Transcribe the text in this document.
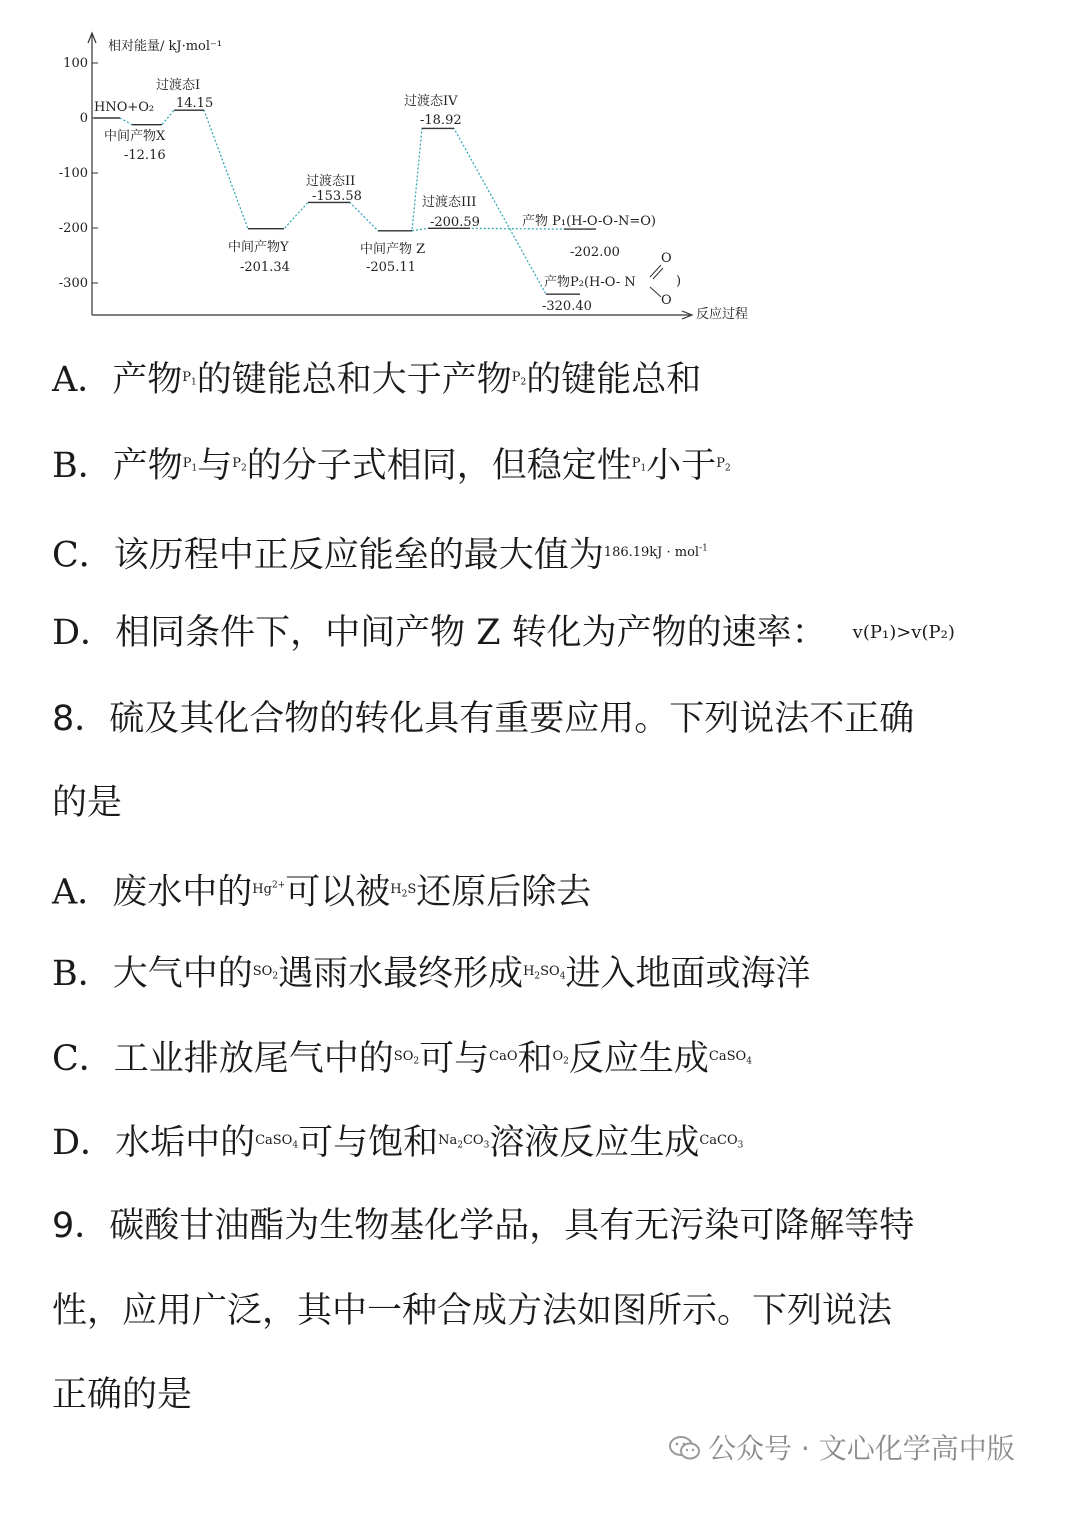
相对能量/ kJ·mol⁻¹
反应过程
100
0
-100
-200
-300
HNO+O₂
中间产物X
-12.16
过渡态I
14.15
中间产物Y
-201.34
过渡态II
-153.58
中间产物 Z
-205.11
过渡态III
-200.59
过渡态IV
-18.92
产物 P₁(H-O-O-N=O)
-202.00
产物P₂(H-O- N
-320.40
O
O
)
A．产物$^{P_1}$的键能总和大于产物$^{P_2}$的键能总和
B．产物$^{P_1}$与$^{P_2}$的分子式相同，但稳定性$^{P_1}$小于$^{P_2}$
C．该历程中正反应能垒的最大值为$^{186.19kJ \cdot mol^{-1}}$
D．相同条件下，中间产物 Z 转化为产物的速率： v(P₁)>v(P₂)
8．硫及其化合物的转化具有重要应用。下列说法不正确
的是
A．废水中的$^{Hg^{2+}}$可以被$^{H_2S}$还原后除去
B．大气中的$^{SO_2}$遇雨水最终形成$^{H_2SO_4}$进入地面或海洋
C．工业排放尾气中的$^{SO_2}$可与$^{CaO}$和$^{O_2}$反应生成$^{CaSO_4}$
D．水垢中的$^{CaSO_4}$可与饱和$^{Na_2CO_3}$溶液反应生成$^{CaCO_3}$
9．碳酸甘油酯为生物基化学品，具有无污染可降解等特
性，应用广泛，其中一种合成方法如图所示。下列说法
正确的是
公众号 · 文心化学高中版
